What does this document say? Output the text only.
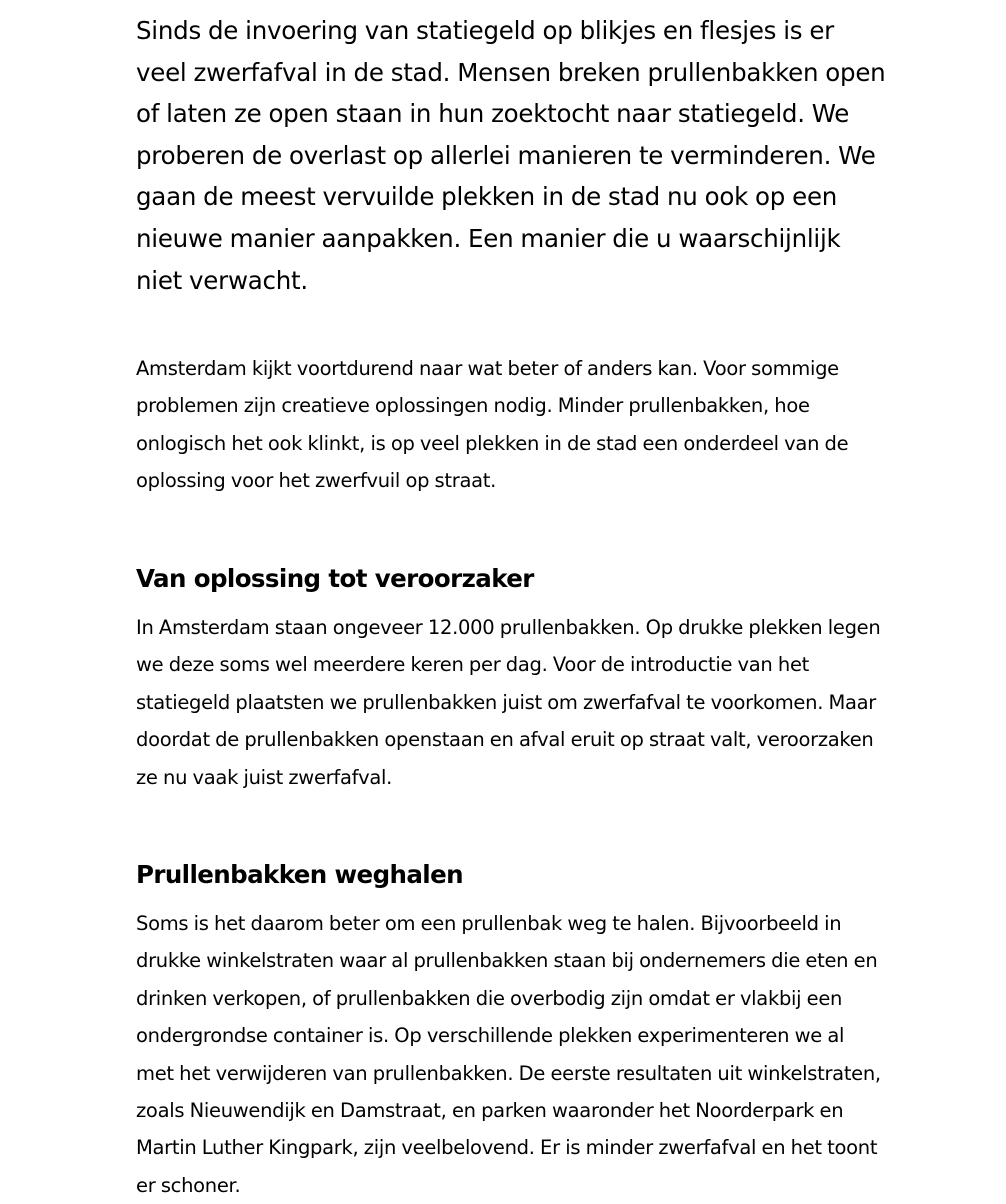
Sinds de invoering van statiegeld op blikjes en flesjes is er veel zwerfafval in de stad. Mensen breken prullenbakken open of laten ze open staan in hun zoektocht naar statiegeld. We proberen de overlast op allerlei manieren te verminderen. We gaan de meest vervuilde plekken in de stad nu ook op een nieuwe manier aanpakken. Een manier die u waarschijnlijk niet verwacht.

Amsterdam kijkt voortdurend naar wat beter of anders kan. Voor sommige problemen zijn creatieve oplossingen nodig. Minder prullenbakken, hoe onlogisch het ook klinkt, is op veel plekken in de stad een onderdeel van de oplossing voor het zwerfvuil op straat.

Van oplossing tot veroorzaker

In Amsterdam staan ongeveer 12.000 prullenbakken. Op drukke plekken legen we deze soms wel meerdere keren per dag. Voor de introductie van het statiegeld plaatsten we prullenbakken juist om zwerfafval te voorkomen. Maar doordat de prullenbakken openstaan en afval eruit op straat valt, veroorzaken ze nu vaak juist zwerfafval.

Prullenbakken weghalen

Soms is het daarom beter om een prullenbak weg te halen. Bijvoorbeeld in drukke winkelstraten waar al prullenbakken staan bij ondernemers die eten en drinken verkopen, of prullenbakken die overbodig zijn omdat er vlakbij een ondergrondse container is. Op verschillende plekken experimenteren we al met het verwijderen van prullenbakken. De eerste resultaten uit winkelstraten, zoals Nieuwendijk en Damstraat, en parken waaronder het Noorderpark en Martin Luther Kingpark, zijn veelbelovend. Er is minder zwerfafval en het toont er schoner.
